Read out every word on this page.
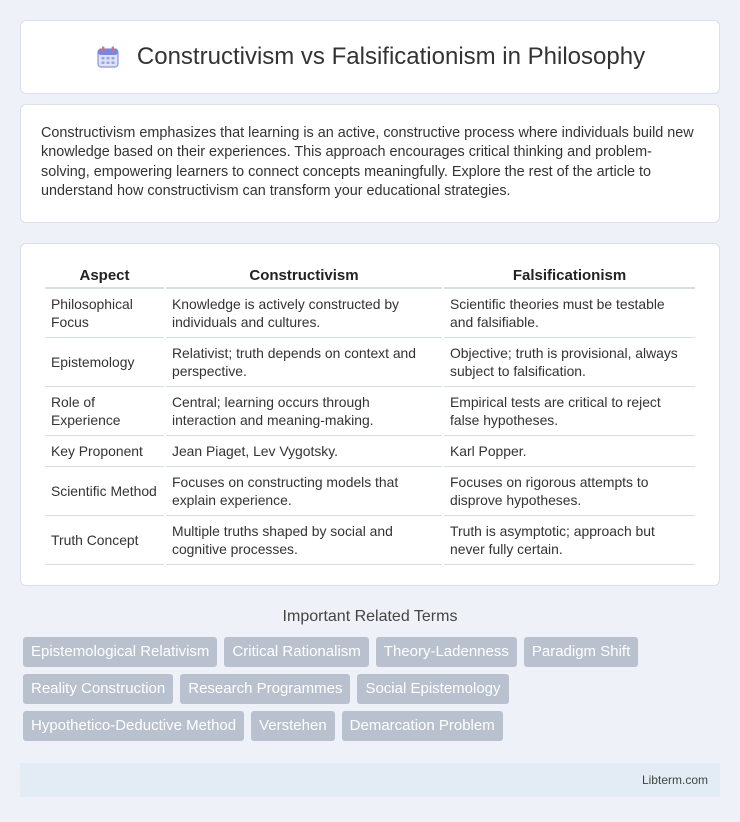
Constructivism vs Falsificationism in Philosophy

Constructivism emphasizes that learning is an active, constructive process where individuals build new knowledge based on their experiences. This approach encourages critical thinking and problem-solving, empowering learners to connect concepts meaningfully. Explore the rest of the article to understand how constructivism can transform your educational strategies.

Aspect	Constructivism	Falsificationism
Philosophical Focus	Knowledge is actively constructed by individuals and cultures.	Scientific theories must be testable and falsifiable.
Epistemology	Relativist; truth depends on context and perspective.	Objective; truth is provisional, always subject to falsification.
Role of Experience	Central; learning occurs through interaction and meaning-making.	Empirical tests are critical to reject false hypotheses.
Key Proponent	Jean Piaget, Lev Vygotsky.	Karl Popper.
Scientific Method	Focuses on constructing models that explain experience.	Focuses on rigorous attempts to disprove hypotheses.
Truth Concept	Multiple truths shaped by social and cognitive processes.	Truth is asymptotic; approach but never fully certain.
Important Related Terms
Epistemological Relativism	Critical Rationalism	Theory-Ladenness	Paradigm Shift
Reality Construction	Research Programmes	Social Epistemology
Hypothetico-Deductive Method	Verstehen	Demarcation Problem
Libterm.com
